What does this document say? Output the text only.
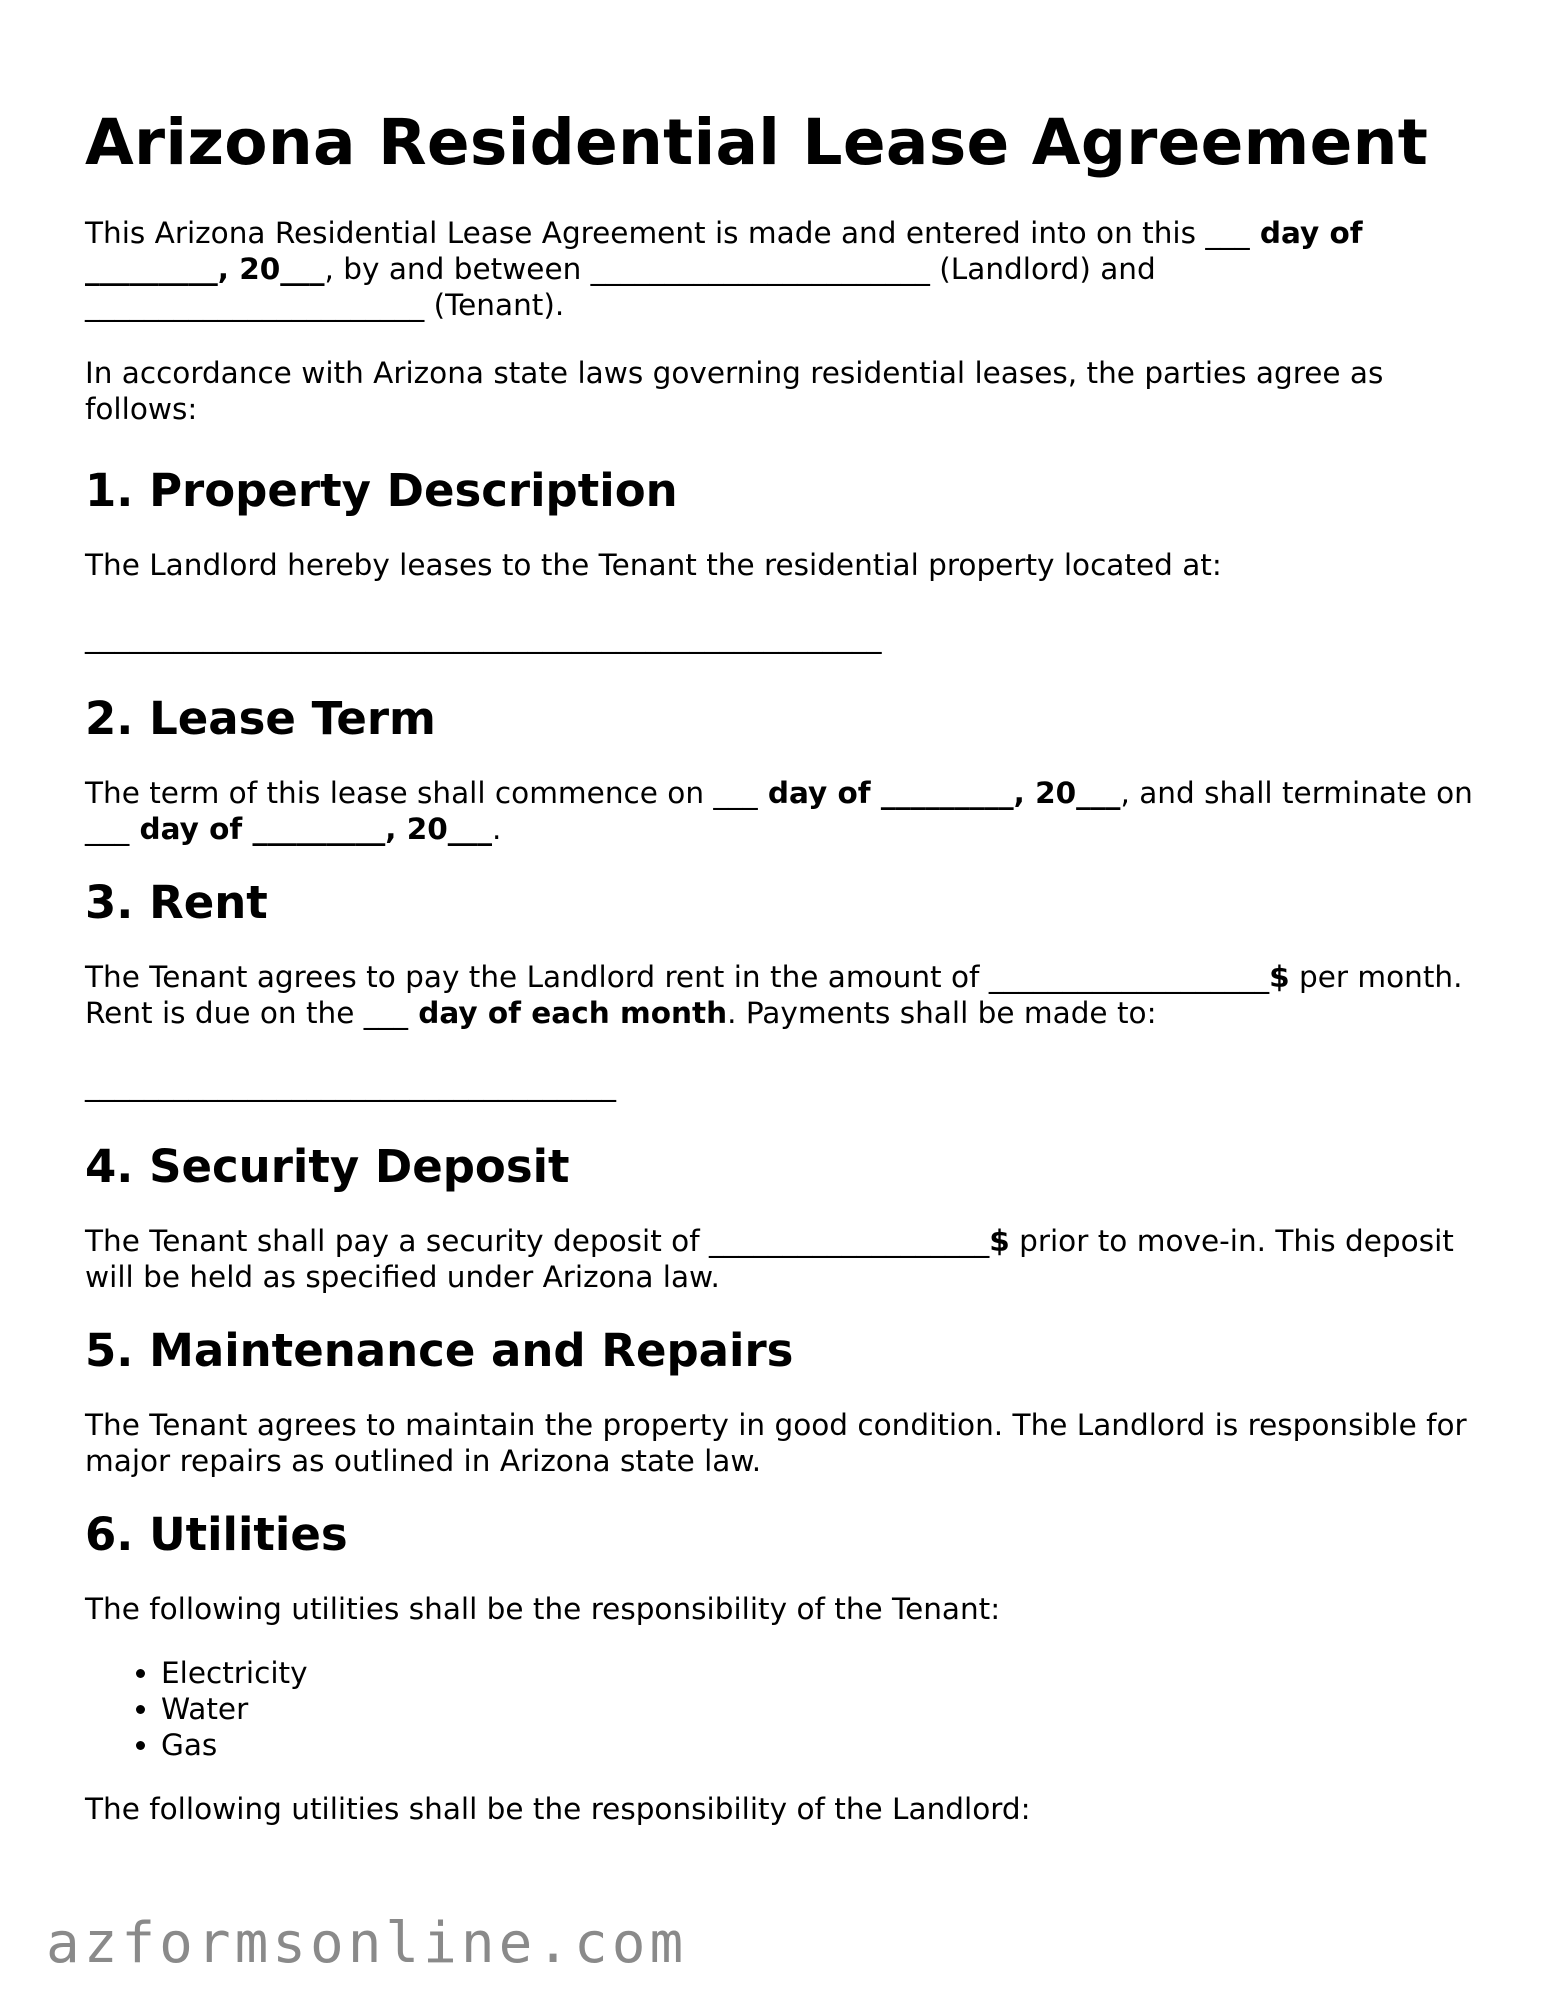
Arizona Residential Lease Agreement

This Arizona Residential Lease Agreement is made and entered into on this ___ day of
_________, 20___, by and between _______________________ (Landlord) and
_______________________ (Tenant).

In accordance with Arizona state laws governing residential leases, the parties agree as follows:

1. Property Description

The Landlord hereby leases to the Tenant the residential property located at:

______________________________________________________
2. Lease Term

The term of this lease shall commence on ___ day of _________, 20___, and shall terminate on ___ day of _________, 20___.

3. Rent

The Tenant agrees to pay the Landlord rent in the amount of ___________________$ per month. Rent is due on the ___ day of each month. Payments shall be made to:

____________________________________
4. Security Deposit

The Tenant shall pay a security deposit of ___________________$ prior to move-in. This deposit will be held as specified under Arizona law.

5. Maintenance and Repairs

The Tenant agrees to maintain the property in good condition. The Landlord is responsible for major repairs as outlined in Arizona state law.

6. Utilities

The following utilities shall be the responsibility of the Tenant:

• Electricity
• Water
• Gas

The following utilities shall be the responsibility of the Landlord:

azformsonline.com
